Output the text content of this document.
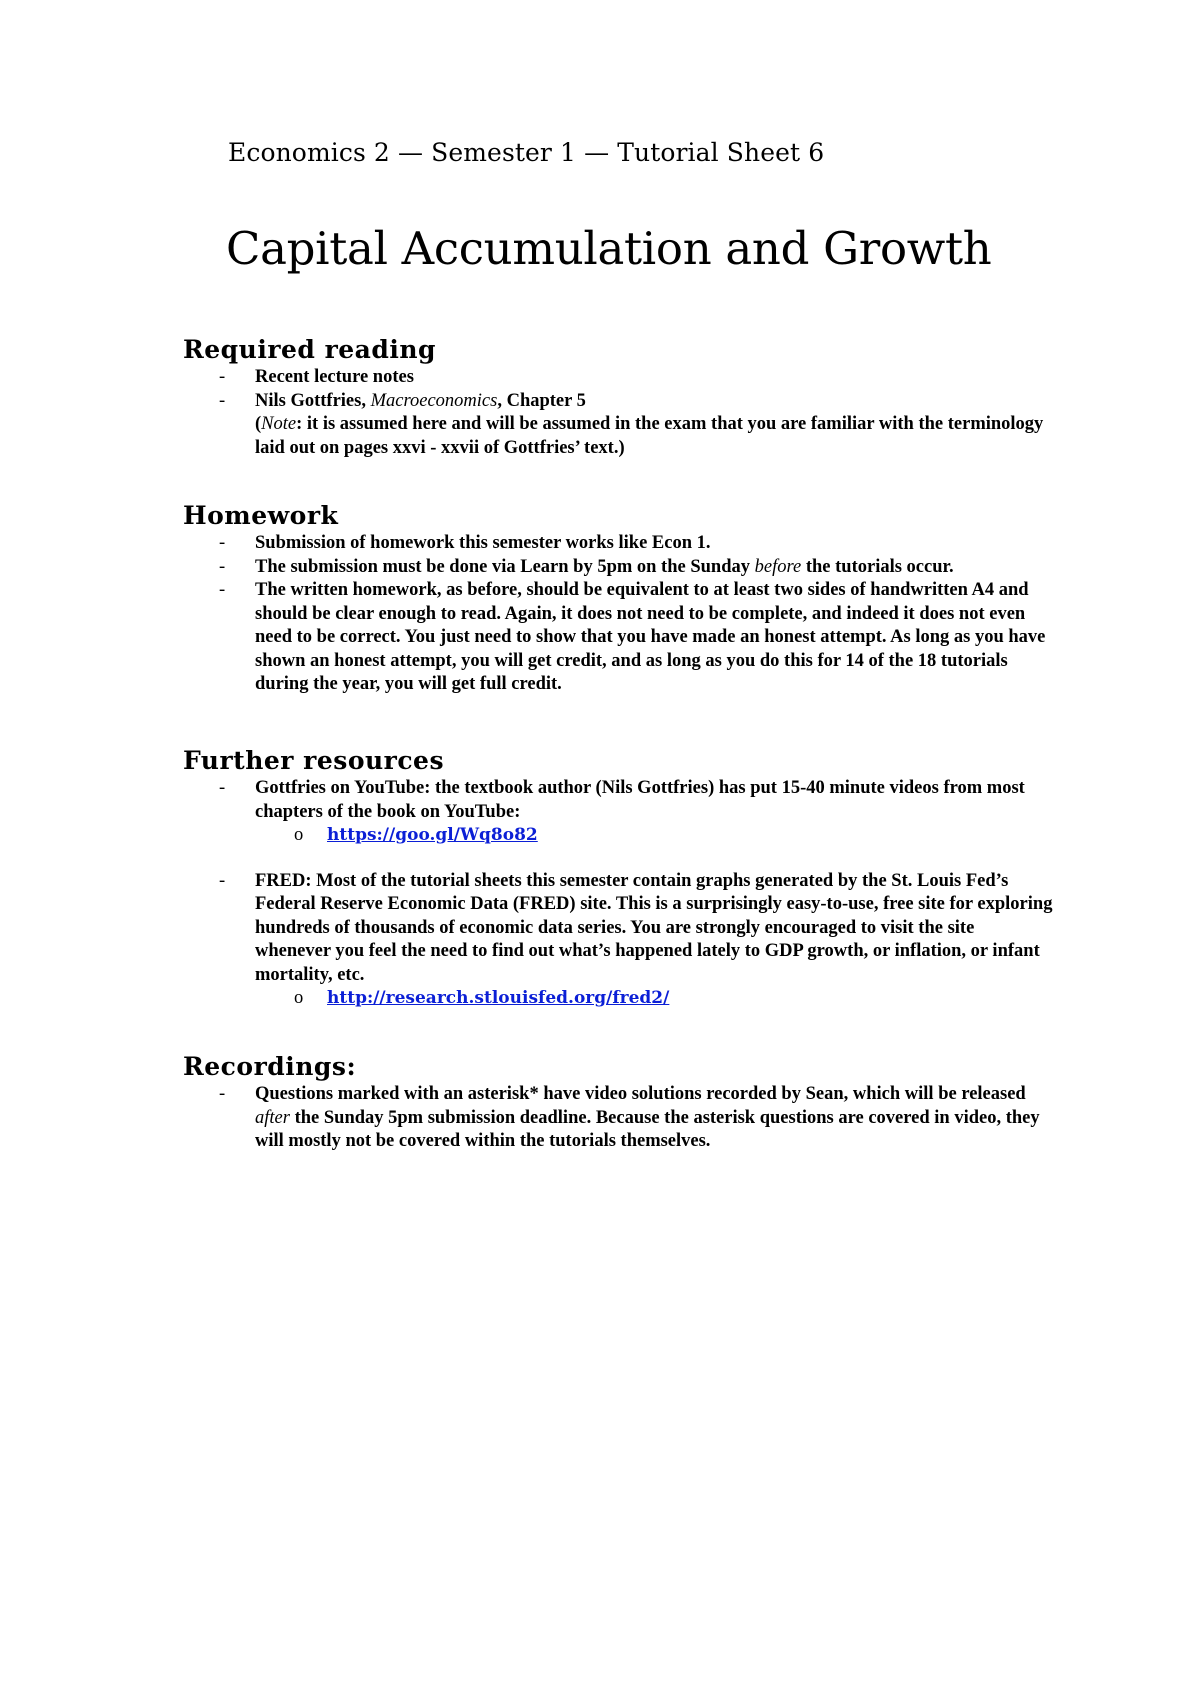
Economics 2 — Semester 1 — Tutorial Sheet 6
Capital Accumulation and Growth
Required reading
- Recent lecture notes
- Nils Gottfries, Macroeconomics, Chapter 5
(Note: it is assumed here and will be assumed in the exam that you are familiar with the terminology laid out on pages xxvi - xxvii of Gottfries’ text.)
Homework
- Submission of homework this semester works like Econ 1.
- The submission must be done via Learn by 5pm on the Sunday before the tutorials occur.
- The written homework, as before, should be equivalent to at least two sides of handwritten A4 and should be clear enough to read. Again, it does not need to be complete, and indeed it does not even need to be correct. You just need to show that you have made an honest attempt. As long as you have shown an honest attempt, you will get credit, and as long as you do this for 14 of the 18 tutorials during the year, you will get full credit.
Further resources
- Gottfries on YouTube: the textbook author (Nils Gottfries) has put 15-40 minute videos from most chapters of the book on YouTube:
o https://goo.gl/Wq8o82
- FRED: Most of the tutorial sheets this semester contain graphs generated by the St. Louis Fed’s Federal Reserve Economic Data (FRED) site. This is a surprisingly easy-to-use, free site for exploring hundreds of thousands of economic data series. You are strongly encouraged to visit the site whenever you feel the need to find out what’s happened lately to GDP growth, or inflation, or infant mortality, etc.
o http://research.stlouisfed.org/fred2/
Recordings:
- Questions marked with an asterisk* have video solutions recorded by Sean, which will be released after the Sunday 5pm submission deadline. Because the asterisk questions are covered in video, they will mostly not be covered within the tutorials themselves.
